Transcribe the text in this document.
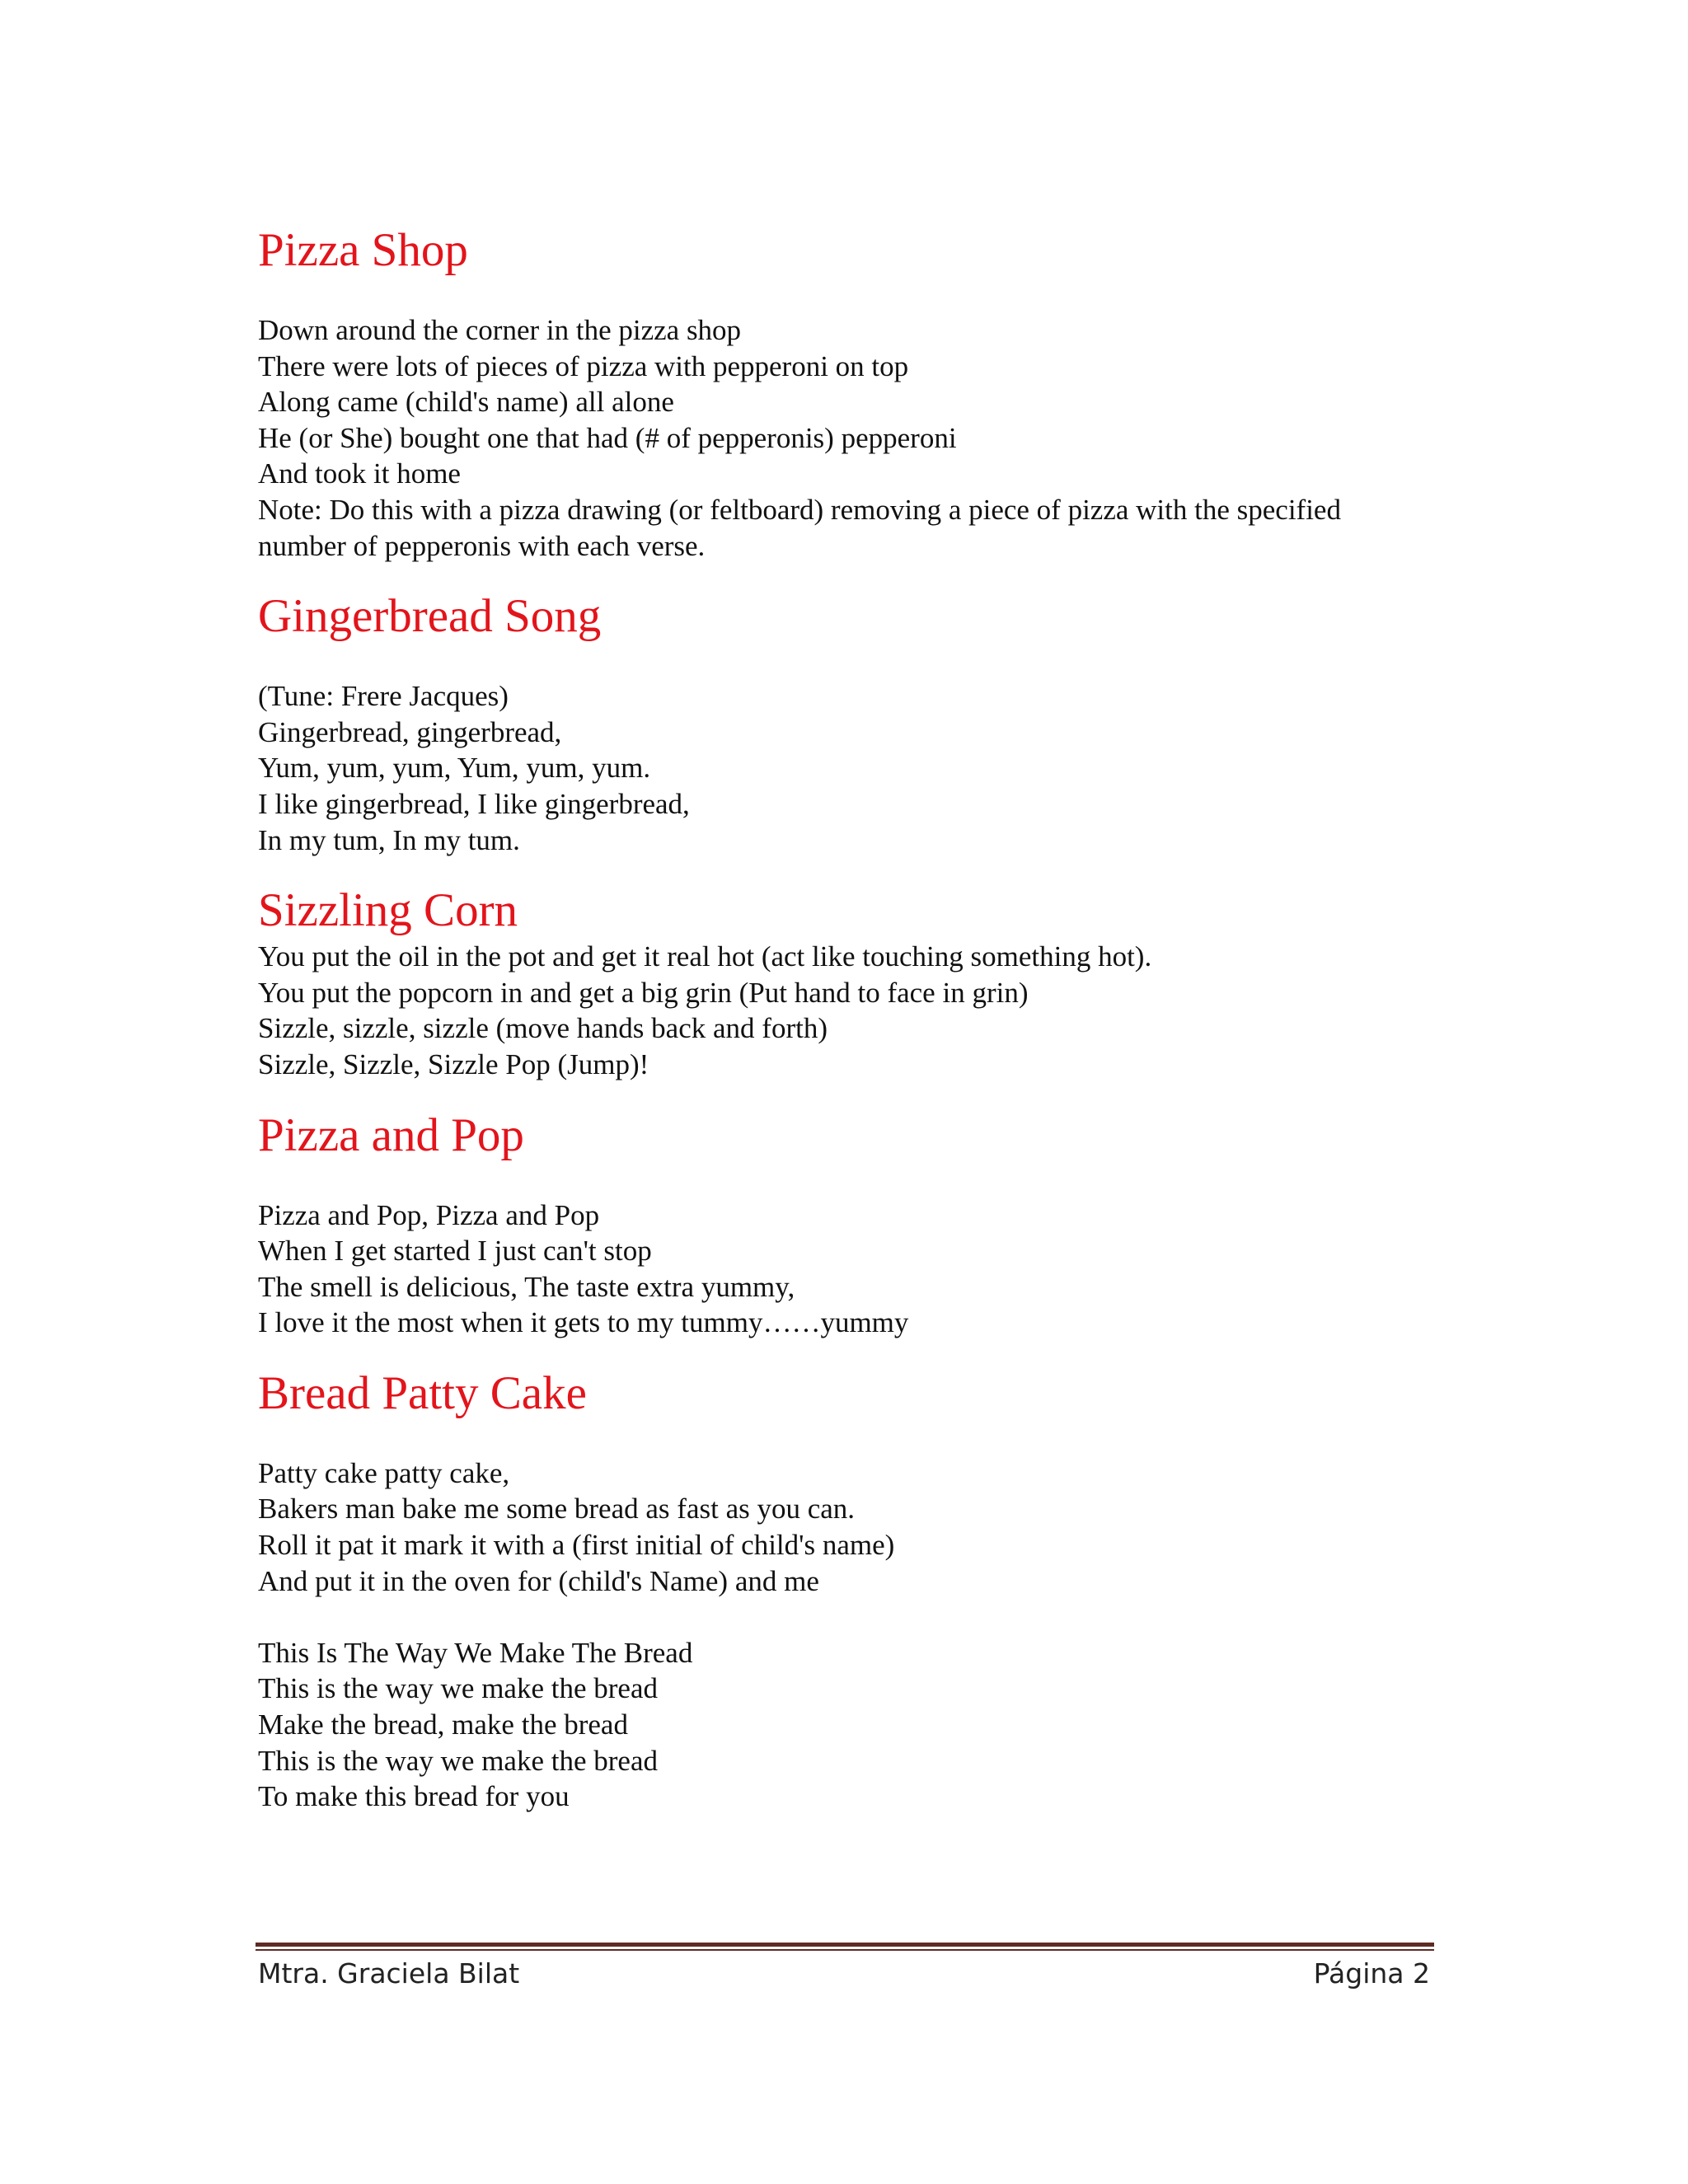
Pizza Shop
Down around the corner in the pizza shop
There were lots of pieces of pizza with pepperoni on top
Along came (child's name) all alone
He (or She) bought one that had (# of pepperonis) pepperoni
And took it home
Note: Do this with a pizza drawing (or feltboard) removing a piece of pizza with the specified
number of pepperonis with each verse.
Gingerbread Song
(Tune: Frere Jacques)
Gingerbread, gingerbread,
Yum, yum, yum, Yum, yum, yum.
I like gingerbread, I like gingerbread,
In my tum, In my tum.
Sizzling Corn
You put the oil in the pot and get it real hot (act like touching something hot).
You put the popcorn in and get a big grin (Put hand to face in grin)
Sizzle, sizzle, sizzle (move hands back and forth)
Sizzle, Sizzle, Sizzle Pop (Jump)!
Pizza and Pop
Pizza and Pop, Pizza and Pop
When I get started I just can't stop
The smell is delicious, The taste extra yummy,
I love it the most when it gets to my tummy……yummy
Bread Patty Cake
Patty cake patty cake,
Bakers man bake me some bread as fast as you can.
Roll it pat it mark it with a (first initial of child's name)
And put it in the oven for (child's Name) and me
This Is The Way We Make The Bread
This is the way we make the bread
Make the bread, make the bread
This is the way we make the bread
To make this bread for you
Mtra. Graciela Bilat	Página 2
